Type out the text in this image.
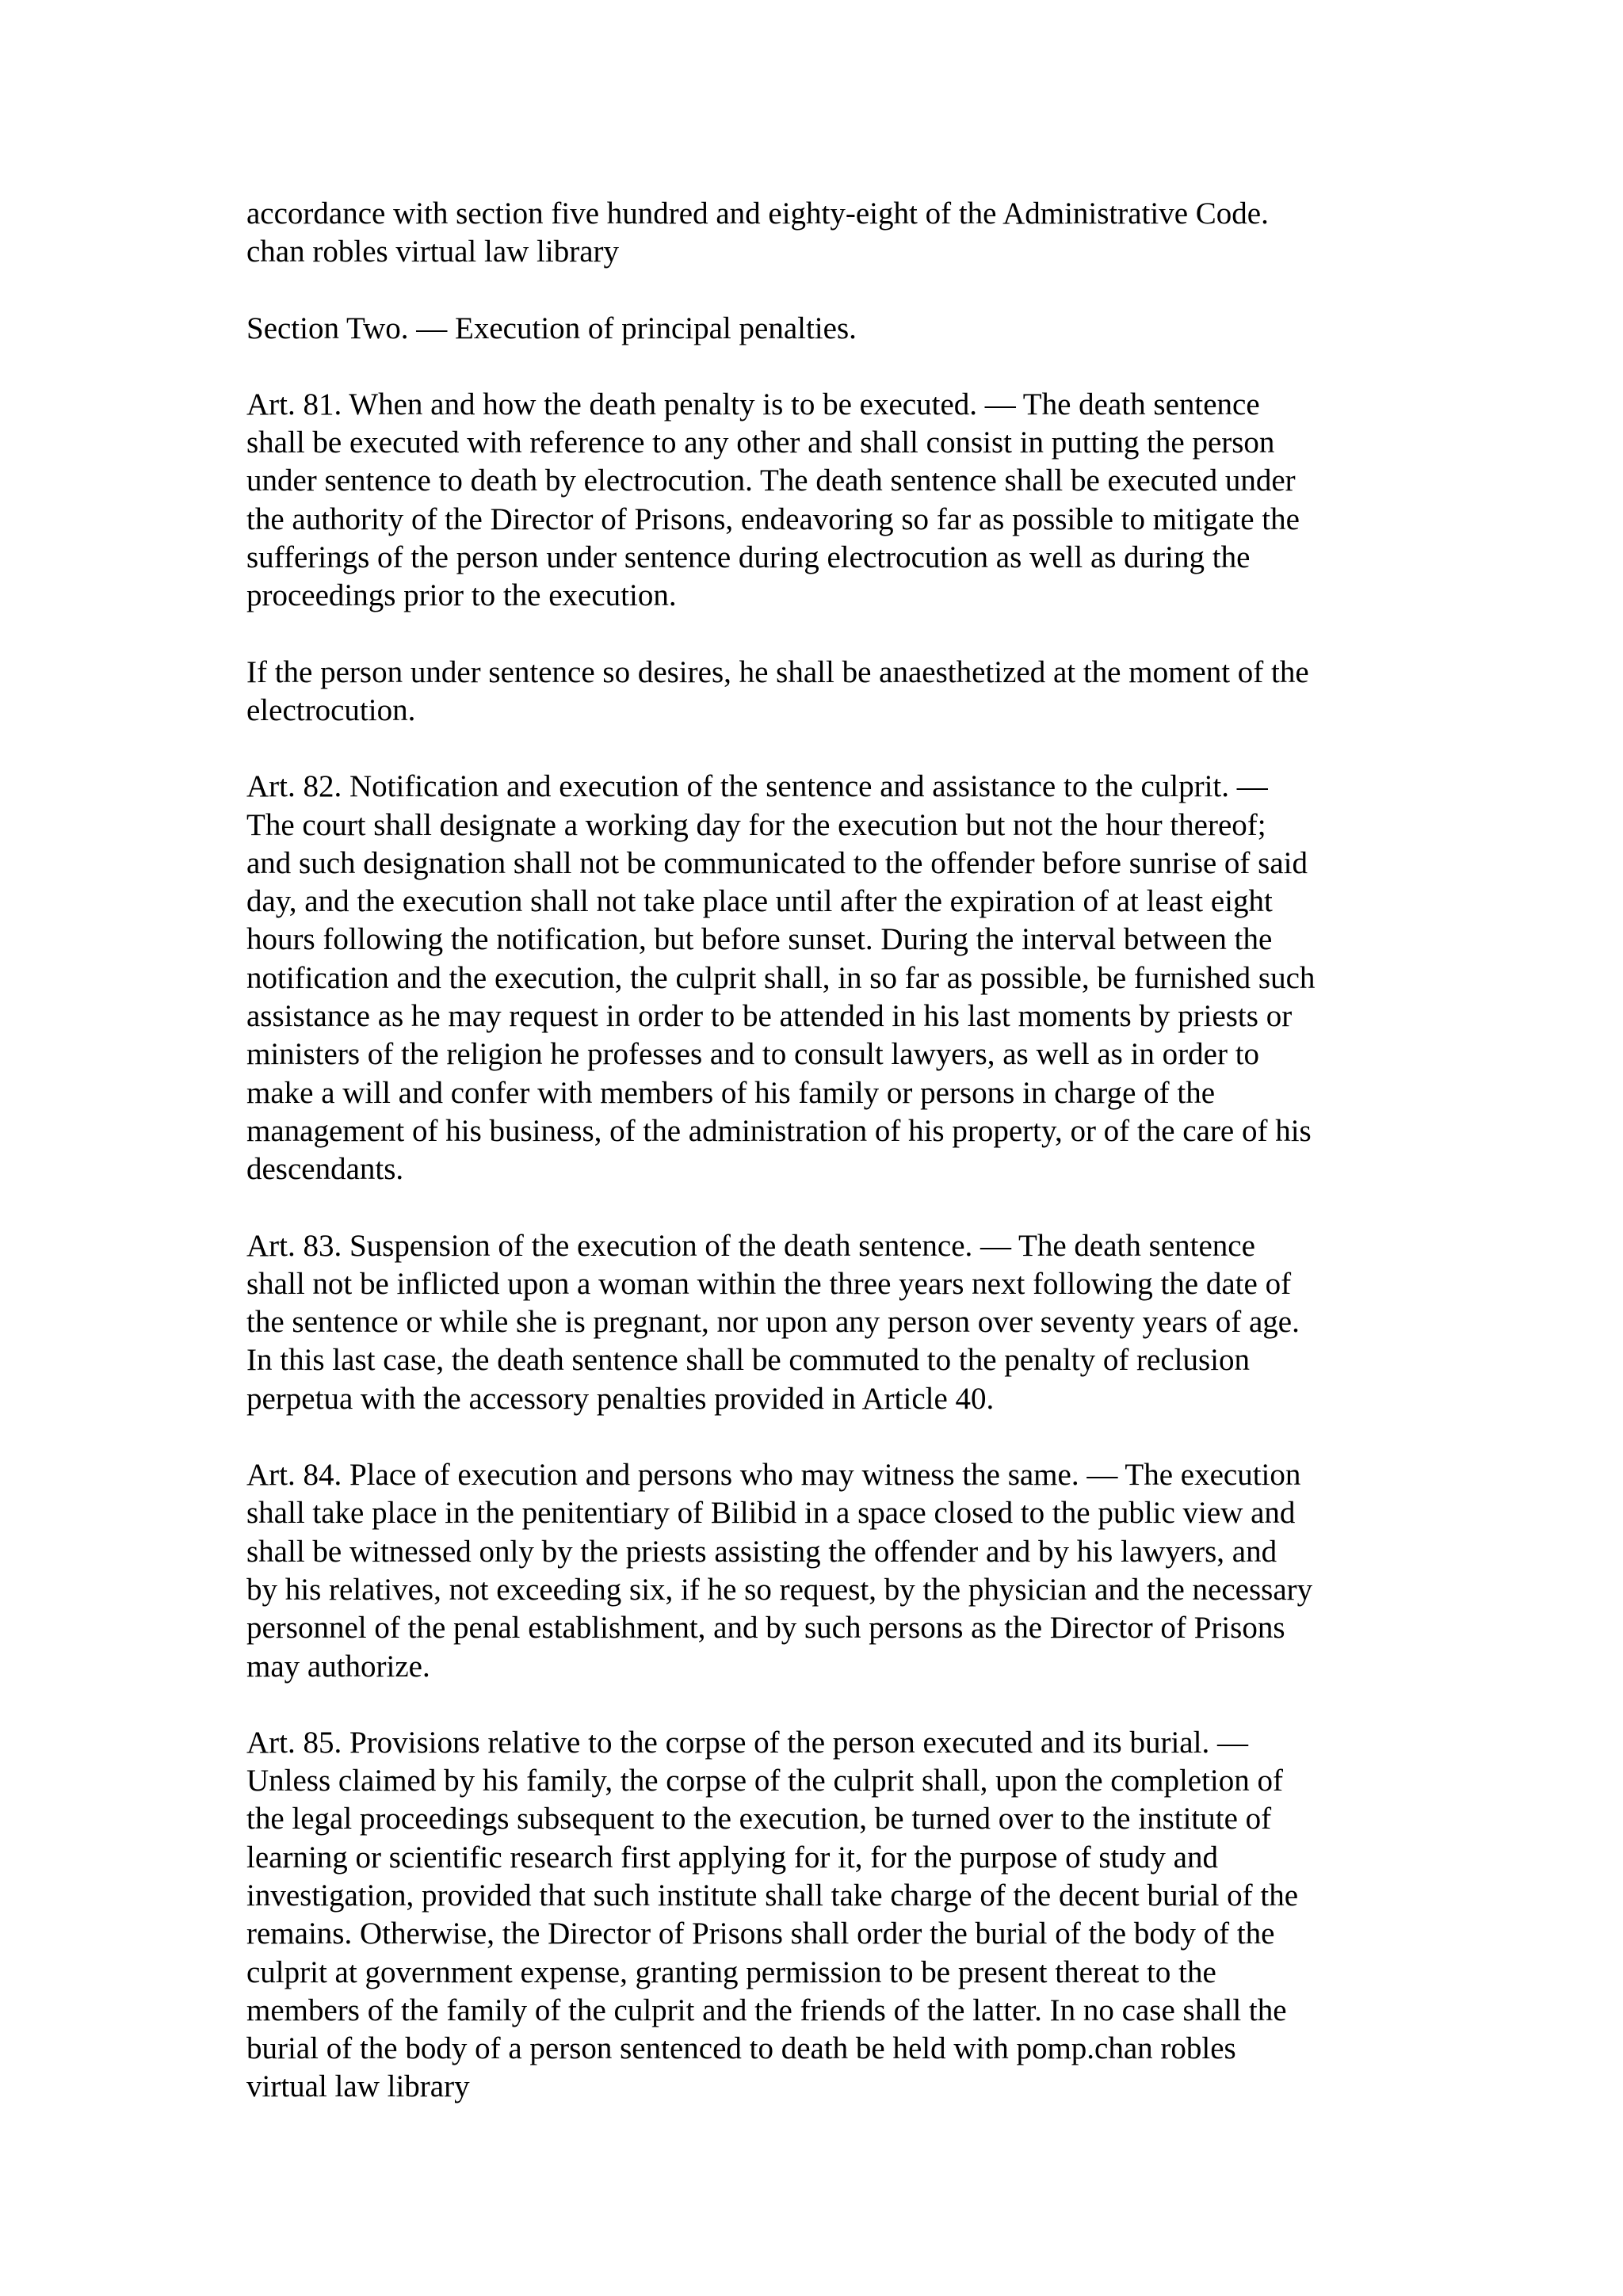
accordance with section five hundred and eighty-eight of the Administrative Code.
chan robles virtual law library

Section Two. — Execution of principal penalties.

Art. 81. When and how the death penalty is to be executed. — The death sentence
shall be executed with reference to any other and shall consist in putting the person
under sentence to death by electrocution. The death sentence shall be executed under
the authority of the Director of Prisons, endeavoring so far as possible to mitigate the
sufferings of the person under sentence during electrocution as well as during the
proceedings prior to the execution.

If the person under sentence so desires, he shall be anaesthetized at the moment of the
electrocution.

Art. 82. Notification and execution of the sentence and assistance to the culprit. —
The court shall designate a working day for the execution but not the hour thereof;
and such designation shall not be communicated to the offender before sunrise of said
day, and the execution shall not take place until after the expiration of at least eight
hours following the notification, but before sunset. During the interval between the
notification and the execution, the culprit shall, in so far as possible, be furnished such
assistance as he may request in order to be attended in his last moments by priests or
ministers of the religion he professes and to consult lawyers, as well as in order to
make a will and confer with members of his family or persons in charge of the
management of his business, of the administration of his property, or of the care of his
descendants.

Art. 83. Suspension of the execution of the death sentence. — The death sentence
shall not be inflicted upon a woman within the three years next following the date of
the sentence or while she is pregnant, nor upon any person over seventy years of age.
In this last case, the death sentence shall be commuted to the penalty of reclusion
perpetua with the accessory penalties provided in Article 40.

Art. 84. Place of execution and persons who may witness the same. — The execution
shall take place in the penitentiary of Bilibid in a space closed to the public view and
shall be witnessed only by the priests assisting the offender and by his lawyers, and
by his relatives, not exceeding six, if he so request, by the physician and the necessary
personnel of the penal establishment, and by such persons as the Director of Prisons
may authorize.

Art. 85. Provisions relative to the corpse of the person executed and its burial. —
Unless claimed by his family, the corpse of the culprit shall, upon the completion of
the legal proceedings subsequent to the execution, be turned over to the institute of
learning or scientific research first applying for it, for the purpose of study and
investigation, provided that such institute shall take charge of the decent burial of the
remains. Otherwise, the Director of Prisons shall order the burial of the body of the
culprit at government expense, granting permission to be present thereat to the
members of the family of the culprit and the friends of the latter. In no case shall the
burial of the body of a person sentenced to death be held with pomp.chan robles
virtual law library
